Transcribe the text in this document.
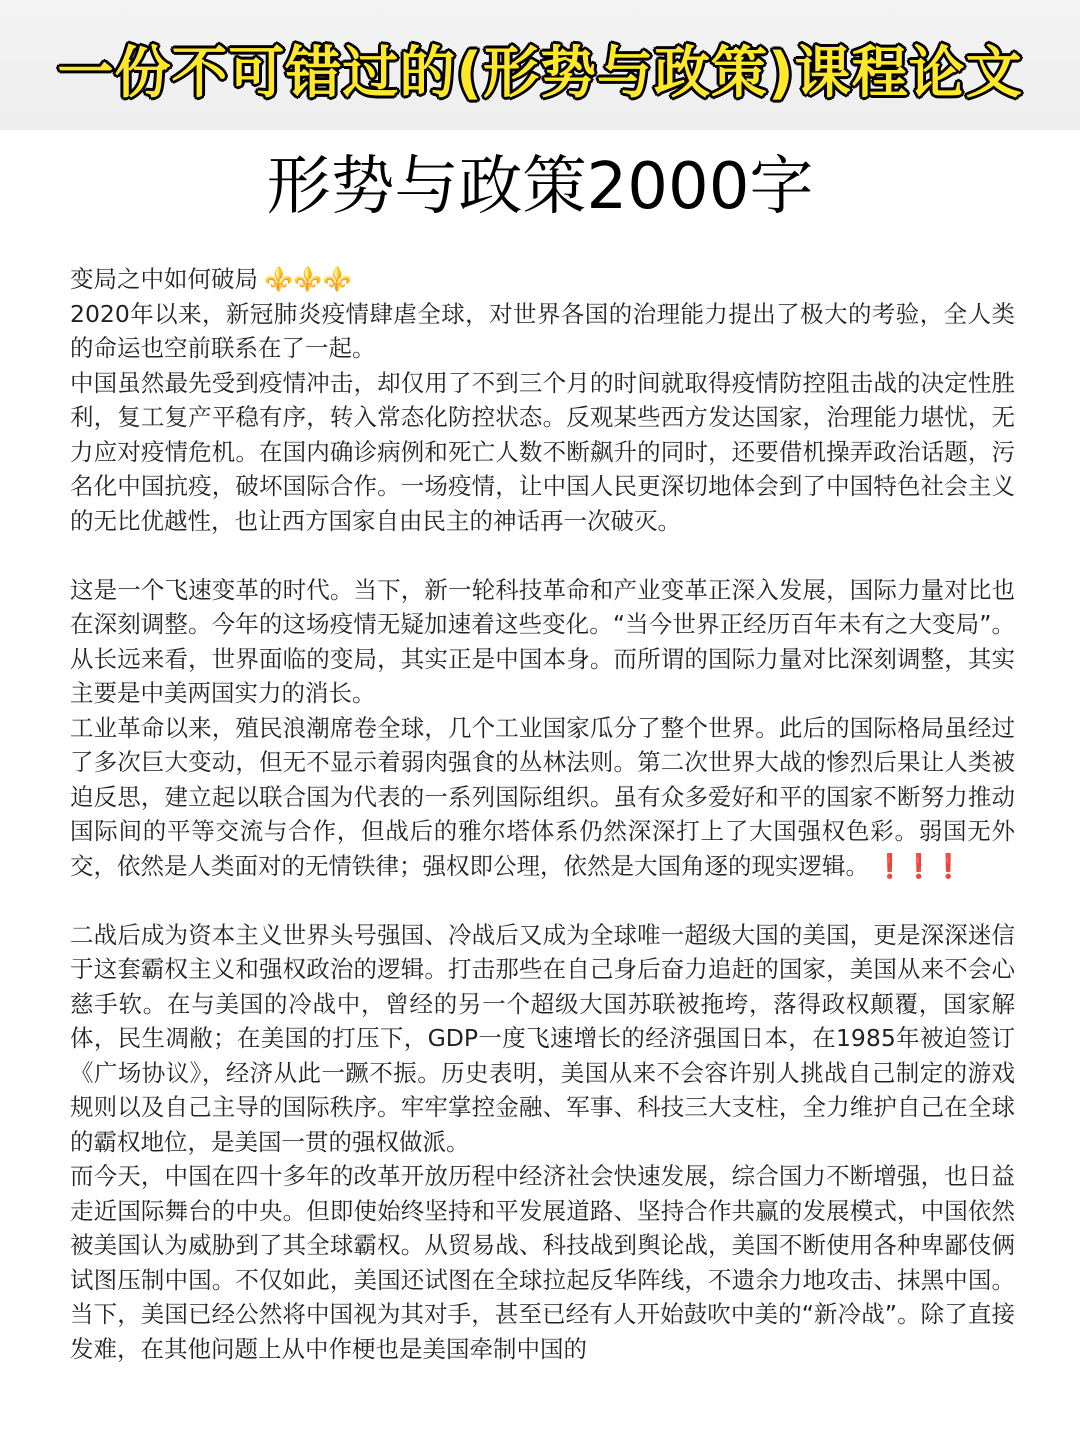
一份不可错过的(形势与政策)课程论文
形势与政策2000字

变局之中如何破局 ⚜️⚜️⚜️

2020年以来，新冠肺炎疫情肆虐全球，对世界各国的治理能力提出了极大的考验，全人类的命运也空前联系在了一起。

中国虽然最先受到疫情冲击，却仅用了不到三个月的时间就取得疫情防控阻击战的决定性胜利，复工复产平稳有序，转入常态化防控状态。反观某些西方发达国家，治理能力堪忧，无力应对疫情危机。在国内确诊病例和死亡人数不断飙升的同时，还要借机操弄政治话题，污名化中国抗疫，破坏国际合作。一场疫情，让中国人民更深切地体会到了中国特色社会主义的无比优越性，也让西方国家自由民主的神话再一次破灭。

这是一个飞速变革的时代。当下，新一轮科技革命和产业变革正深入发展，国际力量对比也在深刻调整。今年的这场疫情无疑加速着这些变化。“当今世界正经历百年未有之大变局”。从长远来看，世界面临的变局，其实正是中国本身。而所谓的国际力量对比深刻调整，其实主要是中美两国实力的消长。

工业革命以来，殖民浪潮席卷全球，几个工业国家瓜分了整个世界。此后的国际格局虽经过了多次巨大变动，但无不显示着弱肉强食的丛林法则。第二次世界大战的惨烈后果让人类被迫反思，建立起以联合国为代表的一系列国际组织。虽有众多爱好和平的国家不断努力推动国际间的平等交流与合作，但战后的雅尔塔体系仍然深深打上了大国强权色彩。弱国无外交，依然是人类面对的无情铁律；强权即公理，依然是大国角逐的现实逻辑。 ❗❗❗

二战后成为资本主义世界头号强国、冷战后又成为全球唯一超级大国的美国，更是深深迷信于这套霸权主义和强权政治的逻辑。打击那些在自己身后奋力追赶的国家，美国从来不会心慈手软。在与美国的冷战中，曾经的另一个超级大国苏联被拖垮，落得政权颠覆，国家解体，民生凋敝；在美国的打压下，GDP一度飞速增长的经济强国日本，在1985年被迫签订《广场协议》，经济从此一蹶不振。历史表明，美国从来不会容许别人挑战自己制定的游戏规则以及自己主导的国际秩序。牢牢掌控金融、军事、科技三大支柱，全力维护自己在全球的霸权地位，是美国一贯的强权做派。

而今天，中国在四十多年的改革开放历程中经济社会快速发展，综合国力不断增强，也日益走近国际舞台的中央。但即使始终坚持和平发展道路、坚持合作共赢的发展模式，中国依然被美国认为威胁到了其全球霸权。从贸易战、科技战到舆论战，美国不断使用各种卑鄙伎俩试图压制中国。不仅如此，美国还试图在全球拉起反华阵线，不遗余力地攻击、抹黑中国。当下，美国已经公然将中国视为其对手，甚至已经有人开始鼓吹中美的“新冷战”。除了直接发难，在其他问题上从中作梗也是美国牵制中国的
